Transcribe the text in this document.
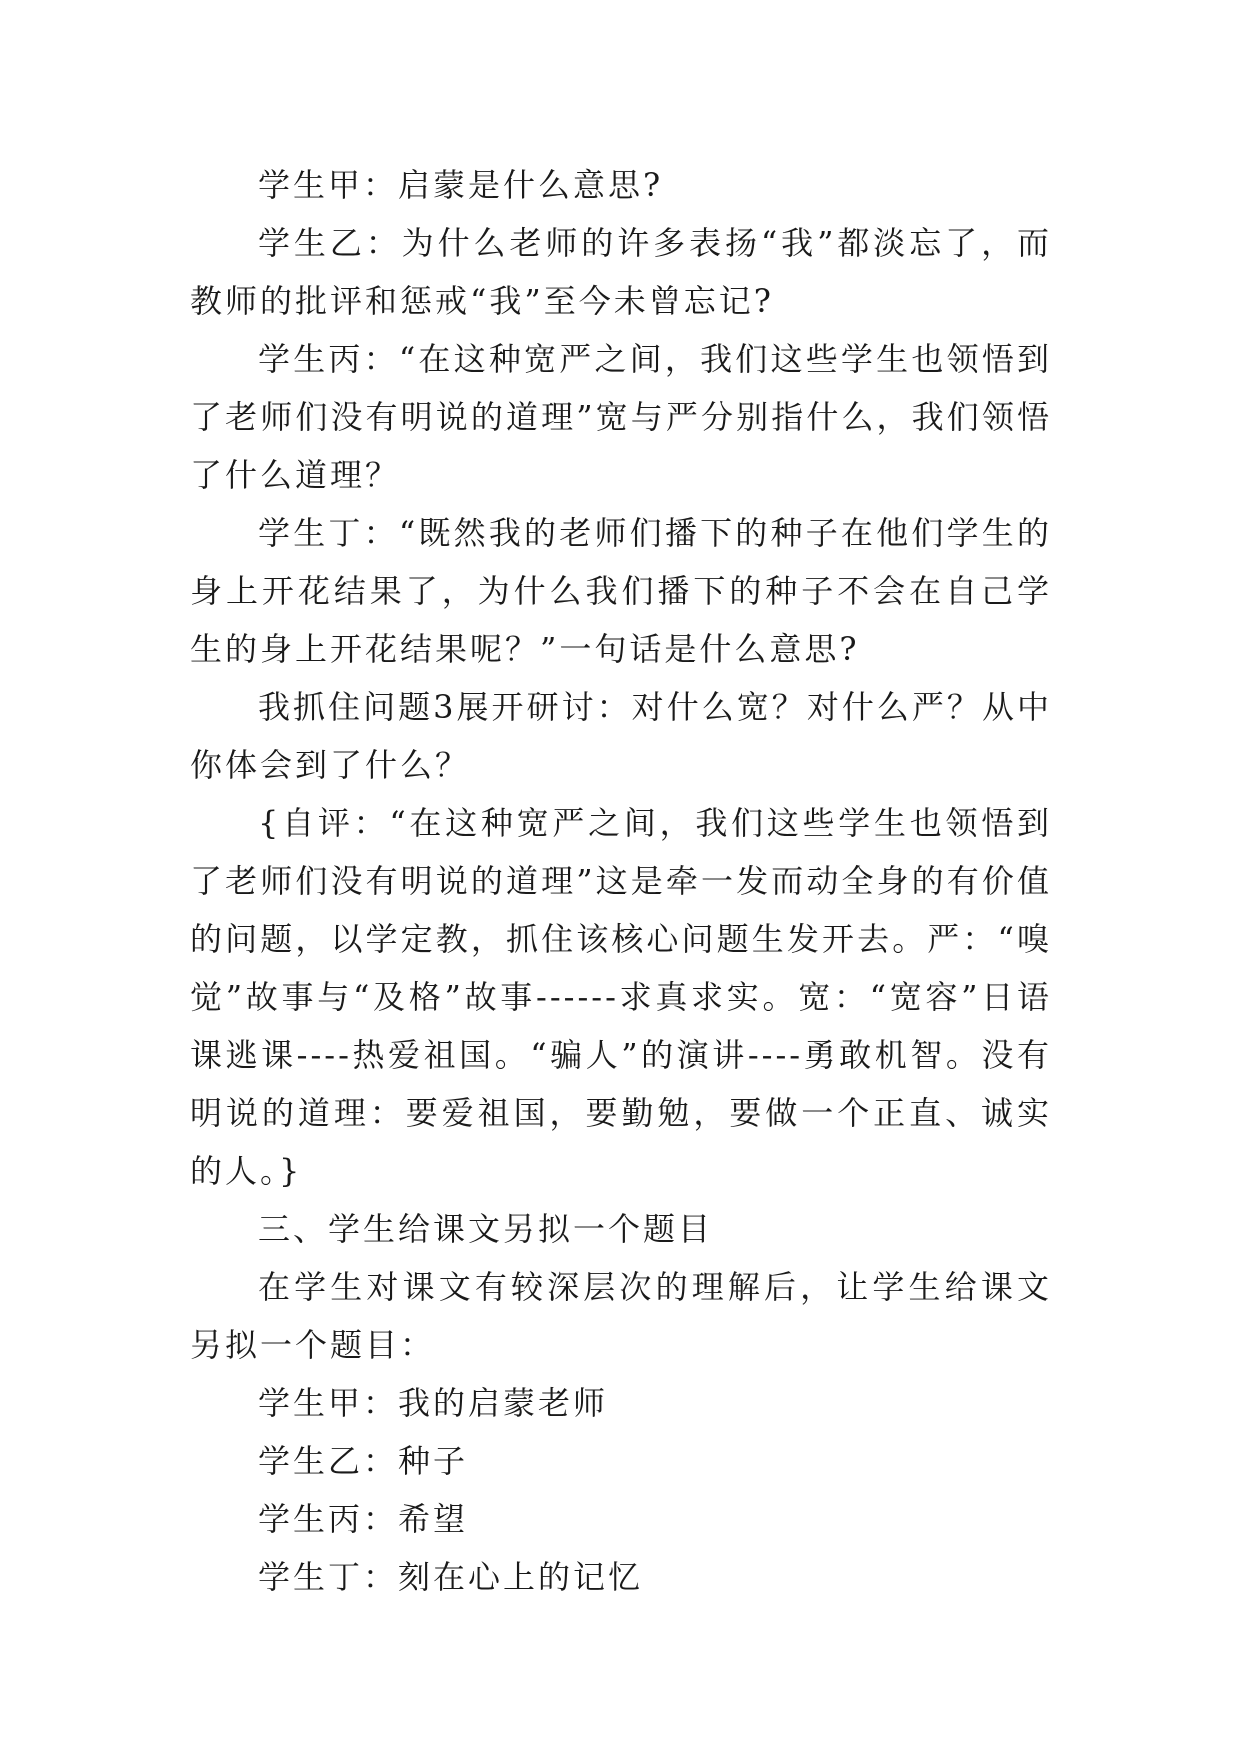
学生甲：启蒙是什么意思?

学生乙：为什么老师的许多表扬“我”都淡忘了，而教师的批评和惩戒“我”至今未曾忘记?

学生丙：“在这种宽严之间，我们这些学生也领悟到了老师们没有明说的道理”宽与严分别指什么，我们领悟了什么道理？

学生丁：“既然我的老师们播下的种子在他们学生的身上开花结果了，为什么我们播下的种子不会在自己学生的身上开花结果呢？”一句话是什么意思?

我抓住问题3展开研讨：对什么宽？对什么严？从中你体会到了什么？

{自评：“在这种宽严之间，我们这些学生也领悟到了老师们没有明说的道理”这是牵一发而动全身的有价值的问题，以学定教，抓住该核心问题生发开去。严：“嗅觉”故事与“及格”故事------求真求实。宽：“宽容”日语课逃课----热爱祖国。“骗人”的演讲----勇敢机智。没有明说的道理：要爱祖国，要勤勉，要做一个正直、诚实的人。}

三、学生给课文另拟一个题目

在学生对课文有较深层次的理解后，让学生给课文另拟一个题目：

学生甲：我的启蒙老师

学生乙：种子

学生丙：希望

学生丁：刻在心上的记忆
